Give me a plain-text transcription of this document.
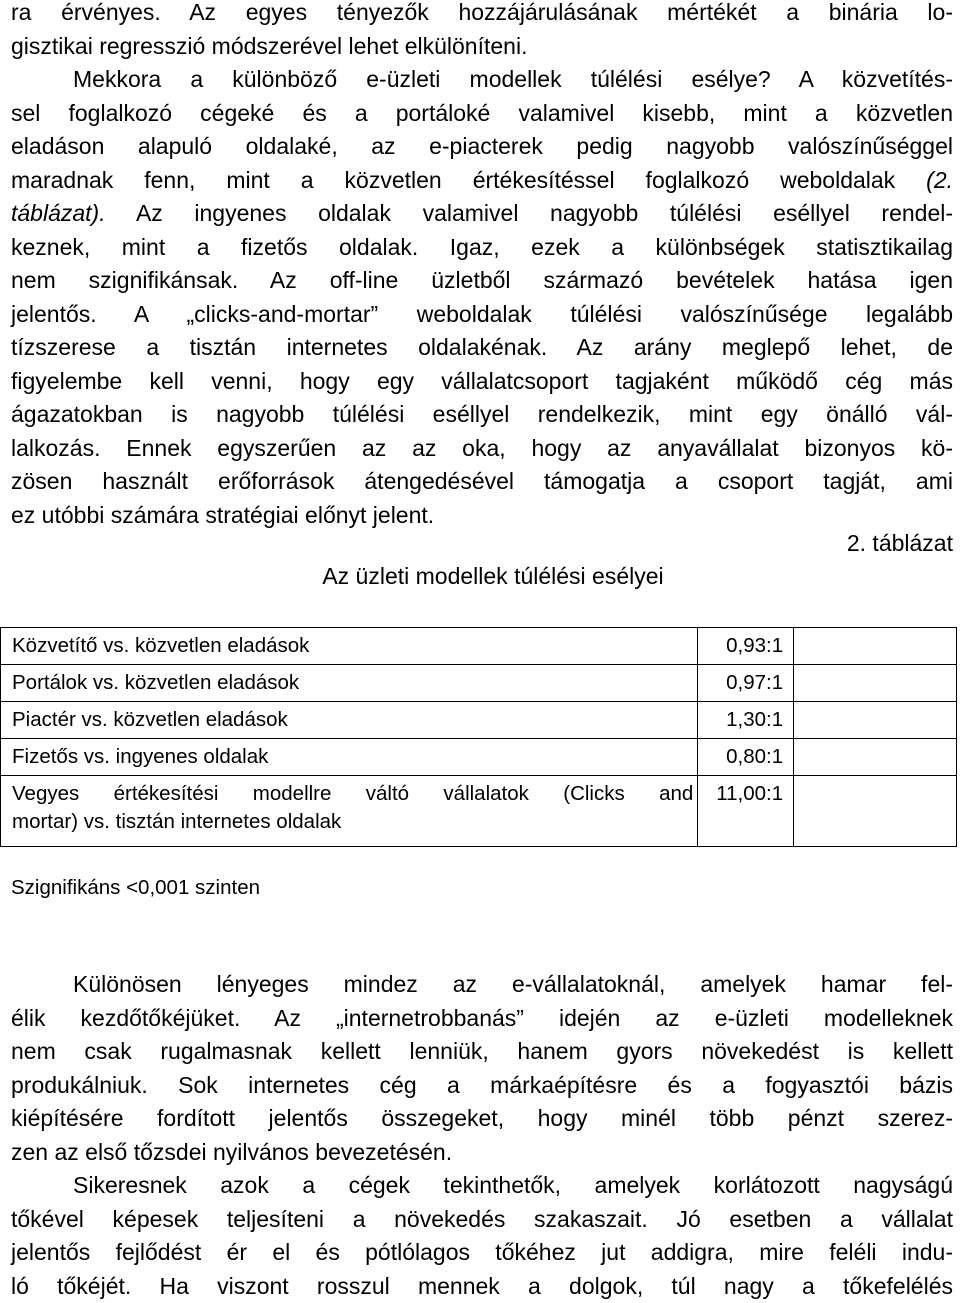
ra érvényes. Az egyes tényezők hozzájárulásának mértékét a binária lo-
gisztikai regresszió módszerével lehet elkülöníteni.
Mekkora a különböző e-üzleti modellek túlélési esélye? A közvetítés-
sel foglalkozó cégeké és a portáloké valamivel kisebb, mint a közvetlen
eladáson alapuló oldalaké, az e-piacterek pedig nagyobb valószínűséggel
maradnak fenn, mint a közvetlen értékesítéssel foglalkozó weboldalak (2.
táblázat). Az ingyenes oldalak valamivel nagyobb túlélési eséllyel rendel-
keznek, mint a fizetős oldalak. Igaz, ezek a különbségek statisztikailag
nem szignifikánsak. Az off-line üzletből származó bevételek hatása igen
jelentős. A „clicks-and-mortar” weboldalak túlélési valószínűsége legalább
tízszerese a tisztán internetes oldalakénak. Az arány meglepő lehet, de
figyelembe kell venni, hogy egy vállalatcsoport tagjaként működő cég más
ágazatokban is nagyobb túlélési eséllyel rendelkezik, mint egy önálló vál-
lalkozás. Ennek egyszerűen az az oka, hogy az anyavállalat bizonyos kö-
zösen használt erőforrások átengedésével támogatja a csoport tagját, ami
ez utóbbi számára stratégiai előnyt jelent.
2. táblázat
Az üzleti modellek túlélési esélyei
Közvetítő vs. közvetlen eladások	0,93:1	
Portálok vs. közvetlen eladások	0,97:1	
Piactér vs. közvetlen eladások	1,30:1	
Fizetős vs. ingyenes oldalak	0,80:1	

Vegyes értékesítési modellre váltó vállalatok (Clicks and
mortar) vs. tisztán internetes oldalak	11,00:1	
Szignifikáns <0,001 szinten
Különösen lényeges mindez az e-vállalatoknál, amelyek hamar fel-
élik kezdőtőkéjüket. Az „internetrobbanás” idején az e-üzleti modelleknek
nem csak rugalmasnak kellett lenniük, hanem gyors növekedést is kellett
produkálniuk. Sok internetes cég a márkaépítésre és a fogyasztói bázis
kiépítésére fordított jelentős összegeket, hogy minél több pénzt szerez-
zen az első tőzsdei nyilvános bevezetésén.
Sikeresnek azok a cégek tekinthetők, amelyek korlátozott nagyságú
tőkével képesek teljesíteni a növekedés szakaszait. Jó esetben a vállalat
jelentős fejlődést ér el és pótlólagos tőkéhez jut addigra, mire feléli indu-
ló tőkéjét. Ha viszont rosszul mennek a dolgok, túl nagy a tőkefelélés
